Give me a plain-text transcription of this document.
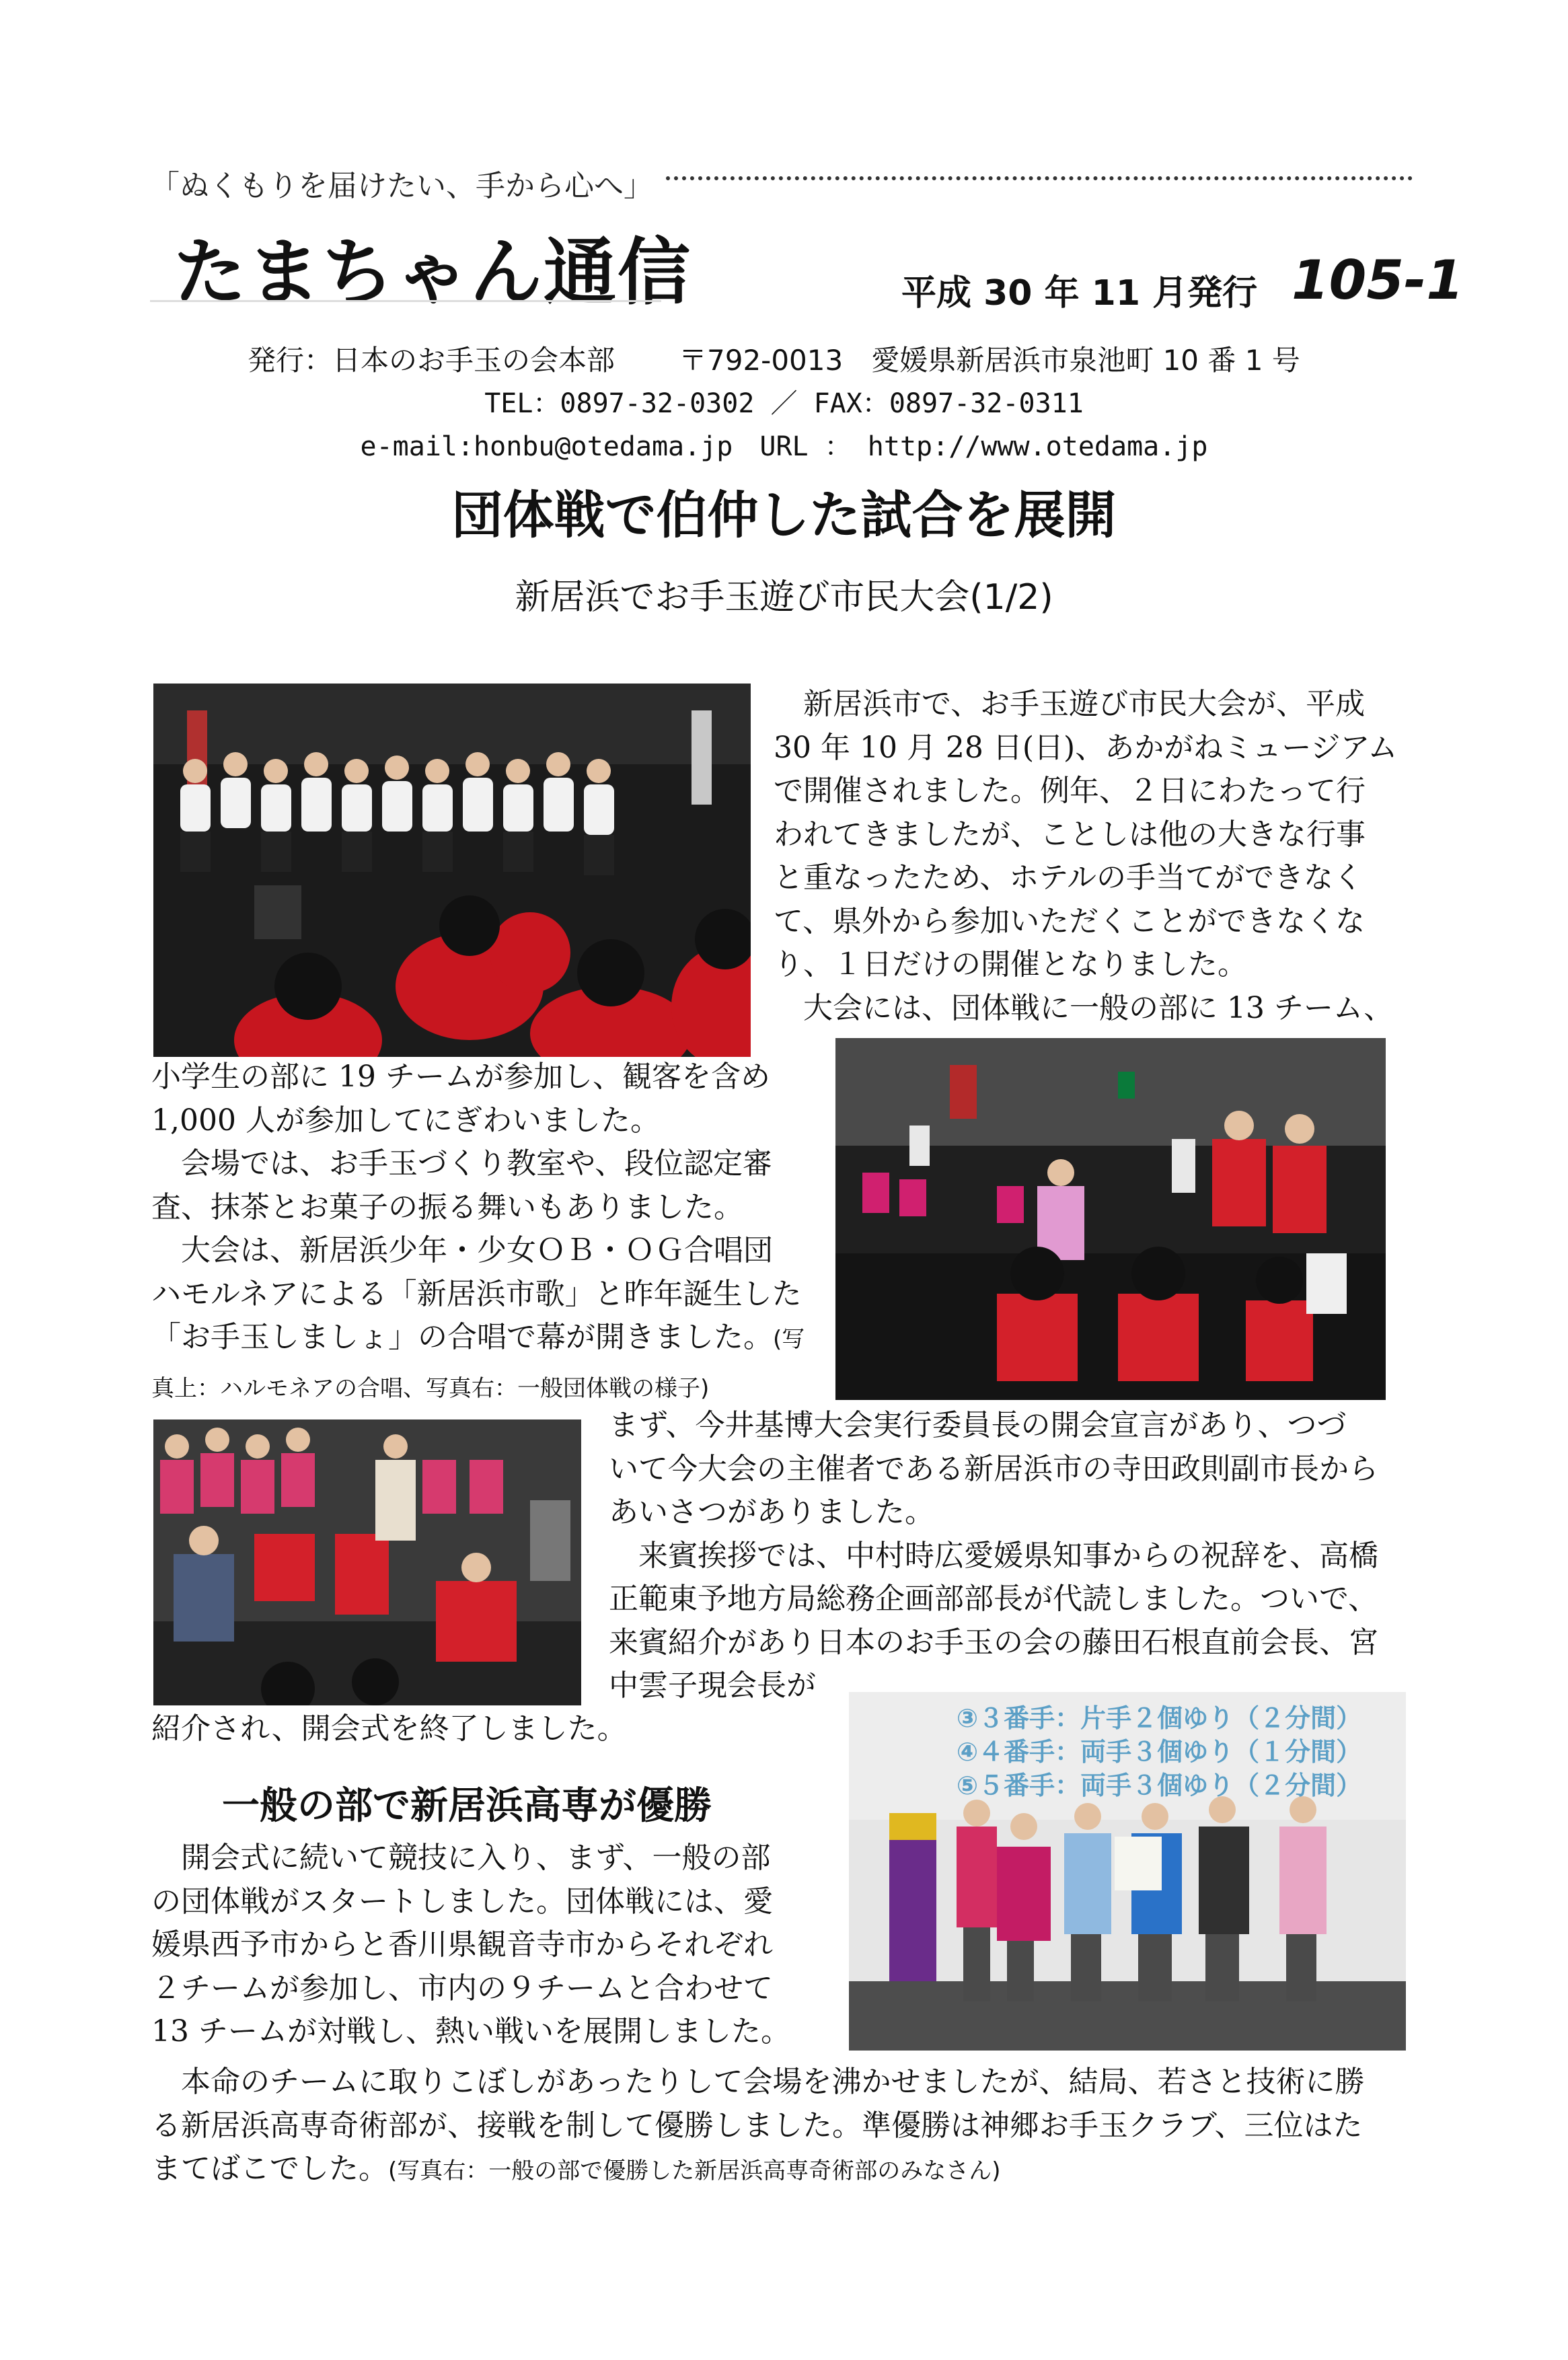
「ぬくもりを届けたい、手から心へ」
たまちゃん通信	平成 30 年 11 月発行 105-1
発行：日本のお手玉の会本部 〒792-0013　愛媛県新居浜市泉池町 10 番 1 号
TEL：0897-32-0302 ／ FAX：0897-32-0311
e-mail:honbu@otedama.jp　URL ： http://www.otedama.jp
団体戦で伯仲した試合を展開
新居浜でお手玉遊び市民大会(1/2)
　新居浜市で、お手玉遊び市民大会が、平成
30 年 10 月 28 日(日)、あかがねミュージアム
で開催されました。例年、２日にわたって行
われてきましたが、ことしは他の大きな行事
と重なったため、ホテルの手当てができなく
て、県外から参加いただくことができなくな
り、１日だけの開催となりました。
　大会には、団体戦に一般の部に 13 チーム、
小学生の部に 19 チームが参加し、観客を含め
1,000 人が参加してにぎわいました。
　会場では、お手玉づくり教室や、段位認定審
査、抹茶とお菓子の振る舞いもありました。
　大会は、新居浜少年・少女ＯＢ・ＯＧ合唱団
ハモルネアによる「新居浜市歌」と昨年誕生した
「お手玉しましょ」の合唱で幕が開きました。(写
真上：ハルモネアの合唱、写真右：一般団体戦の様子)
まず、今井基博大会実行委員長の開会宣言があり、つづ
いて今大会の主催者である新居浜市の寺田政則副市長から
あいさつがありました。
　来賓挨拶では、中村時広愛媛県知事からの祝辞を、高橋
正範東予地方局総務企画部部長が代読しました。ついで、
来賓紹介があり日本のお手玉の会の藤田石根直前会長、宮
中雲子現会長が
紹介され、開会式を終了しました。
一般の部で新居浜高専が優勝
③３番手：片手２個ゆり（２分間）
④４番手：両手３個ゆり（１分間）
⑤５番手：両手３個ゆり（２分間）
　開会式に続いて競技に入り、まず、一般の部
の団体戦がスタートしました。団体戦には、愛
媛県西予市からと香川県観音寺市からそれぞれ
２チームが参加し、市内の９チームと合わせて
13 チームが対戦し、熱い戦いを展開しました。
　本命のチームに取りこぼしがあったりして会場を沸かせましたが、結局、若さと技術に勝
る新居浜高専奇術部が、接戦を制して優勝しました。準優勝は神郷お手玉クラブ、三位はた
まてばこでした。(写真右：一般の部で優勝した新居浜高専奇術部のみなさん)
